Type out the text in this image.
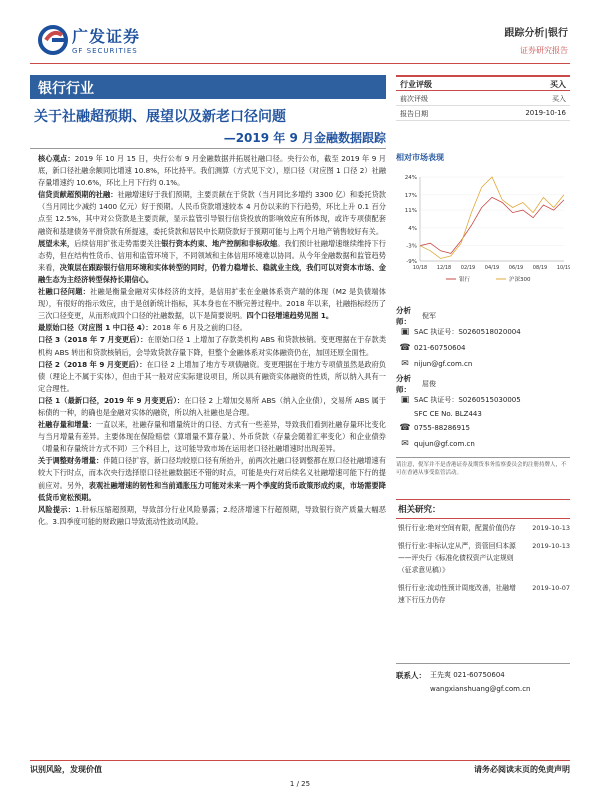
广发证券
GF SECURITIES
跟踪分析|银行
证券研究报告
银行行业
关于社融超预期、展望以及新老口径问题
—2019 年 9 月金融数据跟踪

核心观点：2019 年 10 月 15 日，央行公布 9 月金融数据并拓展社融口径。央行公布，截至 2019 年 9 月底，新口径社融余额同比增速 10.8%，环比持平。我们测算（方式见下文），原口径（对应图 1 口径 2）社融存量增速约 10.6%，环比上月下行约 0.1%。

信贷贡献超预期的社融：社融增速好于我们预期，主要贡献在于贷款（当月同比多增约 3300 亿）和委托贷款（当月同比少减约 1400 亿元）好于预期。人民币贷款增速较本 4 月份以来的下行趋势，环比上升 0.1 百分点至 12.5%，其中对公贷款是主要贡献，显示监管引导银行信贷投放的影响效应有所体现，或许专项债配套融资和基建债务平滑贷款有所提速，委托贷款和居民中长期贷款好于预期可能与上两个月地产销售较好有关。

展望未来，后续信用扩张走势需要关注银行资本约束、地产控制和非标收缩。我们预计社融增速继续维持下行态势，但在结构性货币、信用和监管环境下，不同领域和主体信用环境难以协同。从今年金融数据和监管趋势来看，决策层在跟踪银行信用环境和实体转型的同时，仍着力稳增长、稳就业主线，我们可以对资本市场、金融生态为主经济转型保持长期信心。

社融口径问题：社融是衡量金融对实体经济的支持，是信用扩张在金融体系资产端的体现（M2 是负债端体现），有很好的指示效应，由于是创新统计指标，其本身也在不断完善过程中。2018 年以来，社融指标经历了三次口径变更，从而形成四个口径的社融数据，以下是简要说明。四个口径增速趋势见图 1。

最原始口径（对应图 1 中口径 4）：2018 年 6 月及之前的口径。

口径 3（2018 年 7 月变更后）：在原始口径 1 上增加了存款类机构 ABS 和贷款核销。变更理据在于存款类机构 ABS 转出和贷款核销后，会导致贷款存量下降，但整个金融体系对实体融资仍在，加回还原全面性。

口径 2（2018 年 9 月变更后）：在口径 2 上增加了地方专项债融资。变更理据在于地方专项债虽然是政府负债（理论上不属于实体），但由于其一般对应实际建设项目，所以具有融资实体融资的性质，所以纳入具有一定合理性。

口径 1（最新口径，2019 年 9 月变更后）：在口径 2 上增加交易所 ABS（纳入企业债），交易所 ABS 属于标债的一种，的确也是金融对实体的融资，所以纳入社融也是合理。

社融存量和增量：一直以来，社融存量和增量统计的口径、方式有一些差异，导致我们看到社融存量环比变化与当月增量有差异。主要体现在保险赔偿（算增量不算存量）、外币贷款（存量会随着汇率变化）和企业债券（增量和存量统计方式不同）三个科目上，这可能导致市场在运用老口径社融增速时出现差异。

关于调整财务增量：伴随口径扩容，新口径均较原口径有所抬升，前两次社融口径调整都在原口径社融增速有较大下行时点，而本次央行选择原口径社融数据还不错的时点，可能是央行对后续名义社融增速可能下行的提前应对。另外，表观社融增速的韧性和当前通胀压力可能对未来一两个季度的货币政策形成约束，市场需要降低货币宽松预期。

风险提示：1.针标压缩超预期，导致部分行业风险暴露；2.经济增速下行超预期，导致银行资产质量大幅恶化。3.四季度可能的财政融口导致流动性波动风险。

行业评级	买入
前次评级	买入
报告日期	2019-10-16
相对市场表现
24%
17%
11%
4%
-3%
-9%
10/18 12/18 02/19 04/19 06/19 08/19 10/19
银行	沪深300
分析师：
倪军
▣ SAC 执证号：S0260518020004
☎ 021-60750604
✉ nijun@gf.com.cn
分析师：
屈俊
▣ SAC 执证号：S0260515030005
SFC CE No. BLZ443
☎ 0755-88286915
✉ qujun@gf.com.cn
请注意，倪军并不是香港证券及期货事务监察委员会的注册持牌人，不可在香港从事受监管活动。
相关研究：
银行行业:绝对空间有限，配置价值仍存	2019-10-13
银行行业:非标认定从严，资管回归本源——评央行《标准化债权资产认定规则（征求意见稿）》
2019-10-13
银行行业:流动性预计周度改善，社融增速下行压力仍存
2019-10-07
联系人： 王先爽 021-60750604
wangxianshuang@gf.com.cn
识别风险，发现价值	请务必阅读末页的免责声明
1 / 25
